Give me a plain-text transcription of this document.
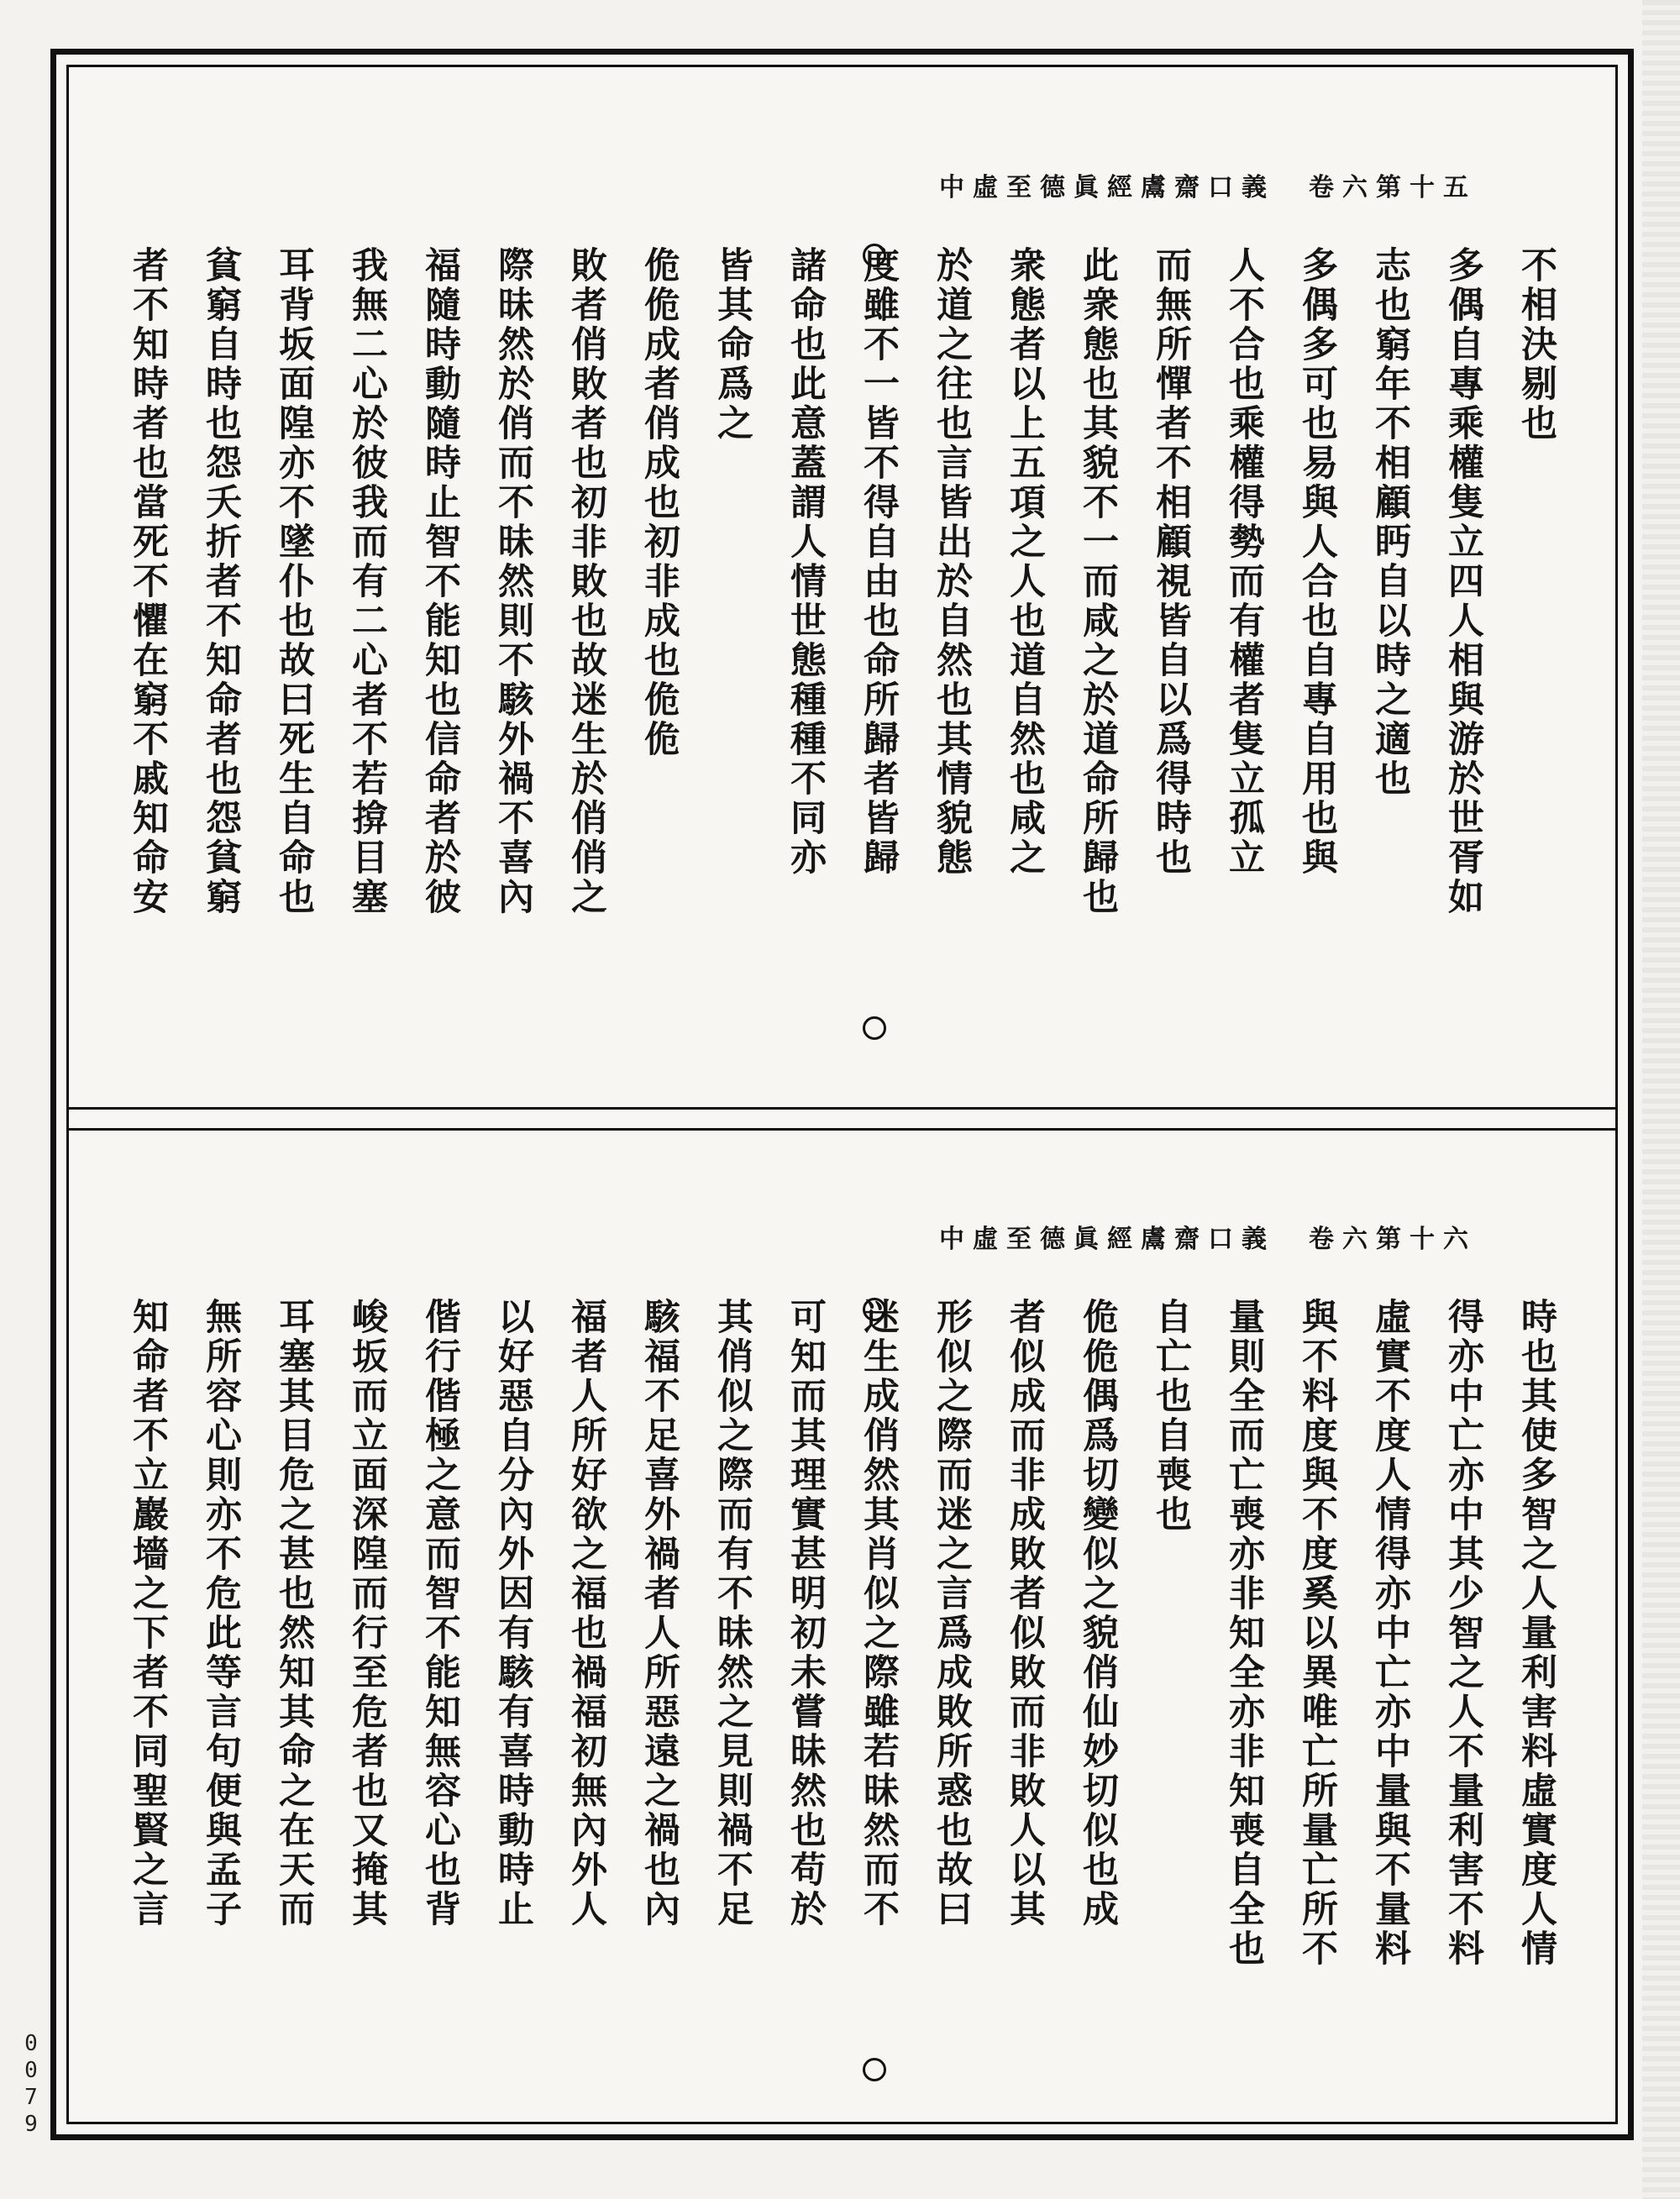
中虛至德眞經鬳齋口義　卷六第十五
不相決剔也
多偶自專乘權隻立四人相與游於世胥如
志也窮年不相顧眄自以時之適也
多偶多可也易與人合也自專自用也與
人不合也乘權得勢而有權者隻立孤立
而無所憚者不相顧視皆自以爲得時也
此衆態也其貌不一而咸之於道命所歸也
衆態者以上五項之人也道自然也咸之
於道之往也言皆出於自然也其情貌態
度雖不一皆不得自由也命所歸者皆歸
諸命也此意蓋謂人情世態種種不同亦
皆其命爲之
佹佹成者俏成也初非成也佹佹
敗者俏敗者也初非敗也故迷生於俏俏之
際昧然於俏而不昧然則不駭外禍不喜內
福隨時動隨時止智不能知也信命者於彼
我無二心於彼我而有二心者不若揜目塞
耳背坂面隍亦不墜仆也故曰死生自命也
貧窮自時也怨夭折者不知命者也怨貧窮
者不知時者也當死不懼在窮不戚知命安
中虛至德眞經鬳齋口義　卷六第十六
時也其使多智之人量利害料虛實度人情
得亦中亡亦中其少智之人不量利害不料
虛實不度人情得亦中亡亦中量與不量料
與不料度與不度奚以異唯亡所量亡所不
量則全而亡喪亦非知全亦非知喪自全也
自亡也自喪也
佹佹偶爲切變似之貌俏仙妙切似也成
者似成而非成敗者似敗而非敗人以其
形似之際而迷之言爲成敗所惑也故曰
迷生成俏然其肖似之際雖若昧然而不
可知而其理實甚明初未嘗昧然也苟於
其俏似之際而有不昧然之見則禍不足
駭福不足喜外禍者人所惡遠之禍也內
福者人所好欲之福也禍福初無內外人
以好惡自分內外因有駭有喜時動時止
偕行偕極之意而智不能知無容心也背
峻坂而立面深隍而行至危者也又掩其
耳塞其目危之甚也然知其命之在天而
無所容心則亦不危此等言句便與孟子
知命者不立巖墻之下者不同聖賢之言
0079
